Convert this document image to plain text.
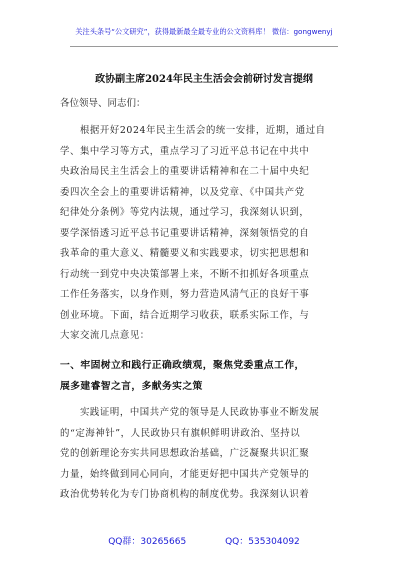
关注头条号“公文研究”，获得最新最全最专业的公文资料库！ 微信：gongwenyj
政协副主席2024年民主生活会会前研讨发言提纲
各位领导、同志们：
　　根据开好2024年民主生活会的统一安排，近期，通过自
学、集中学习等方式，重点学习了习近平总书记在中共中
央政治局民主生活会上的重要讲话精神和在二十届中央纪
委四次全会上的重要讲话精神，以及党章、《中国共产党
纪律处分条例》等党内法规，通过学习，我深刻认识到，
要学深悟透习近平总书记重要讲话精神，深刻领悟党的自
我革命的重大意义、精髓要义和实践要求，切实把思想和
行动统一到党中央决策部署上来，不断不扣抓好各项重点
工作任务落实，以身作则，努力营造风清气正的良好干事
创业环境。下面，结合近期学习收获，联系实际工作，与
大家交流几点意见：
一、牢固树立和践行正确政绩观，聚焦党委重点工作，
展多建睿智之言，多献务实之策
　　实践证明，中国共产党的领导是人民政协事业不断发展
的“定海神针”，人民政协只有旗帜鲜明讲政治、坚持以
党的创新理论夯实共同思想政治基础，广泛凝聚共识汇聚
力量，始终做到同心同向，才能更好把中国共产党领导的
政治优势转化为专门协商机构的制度优势。我深刻认识着
QQ群：30265665	QQ：535304092
